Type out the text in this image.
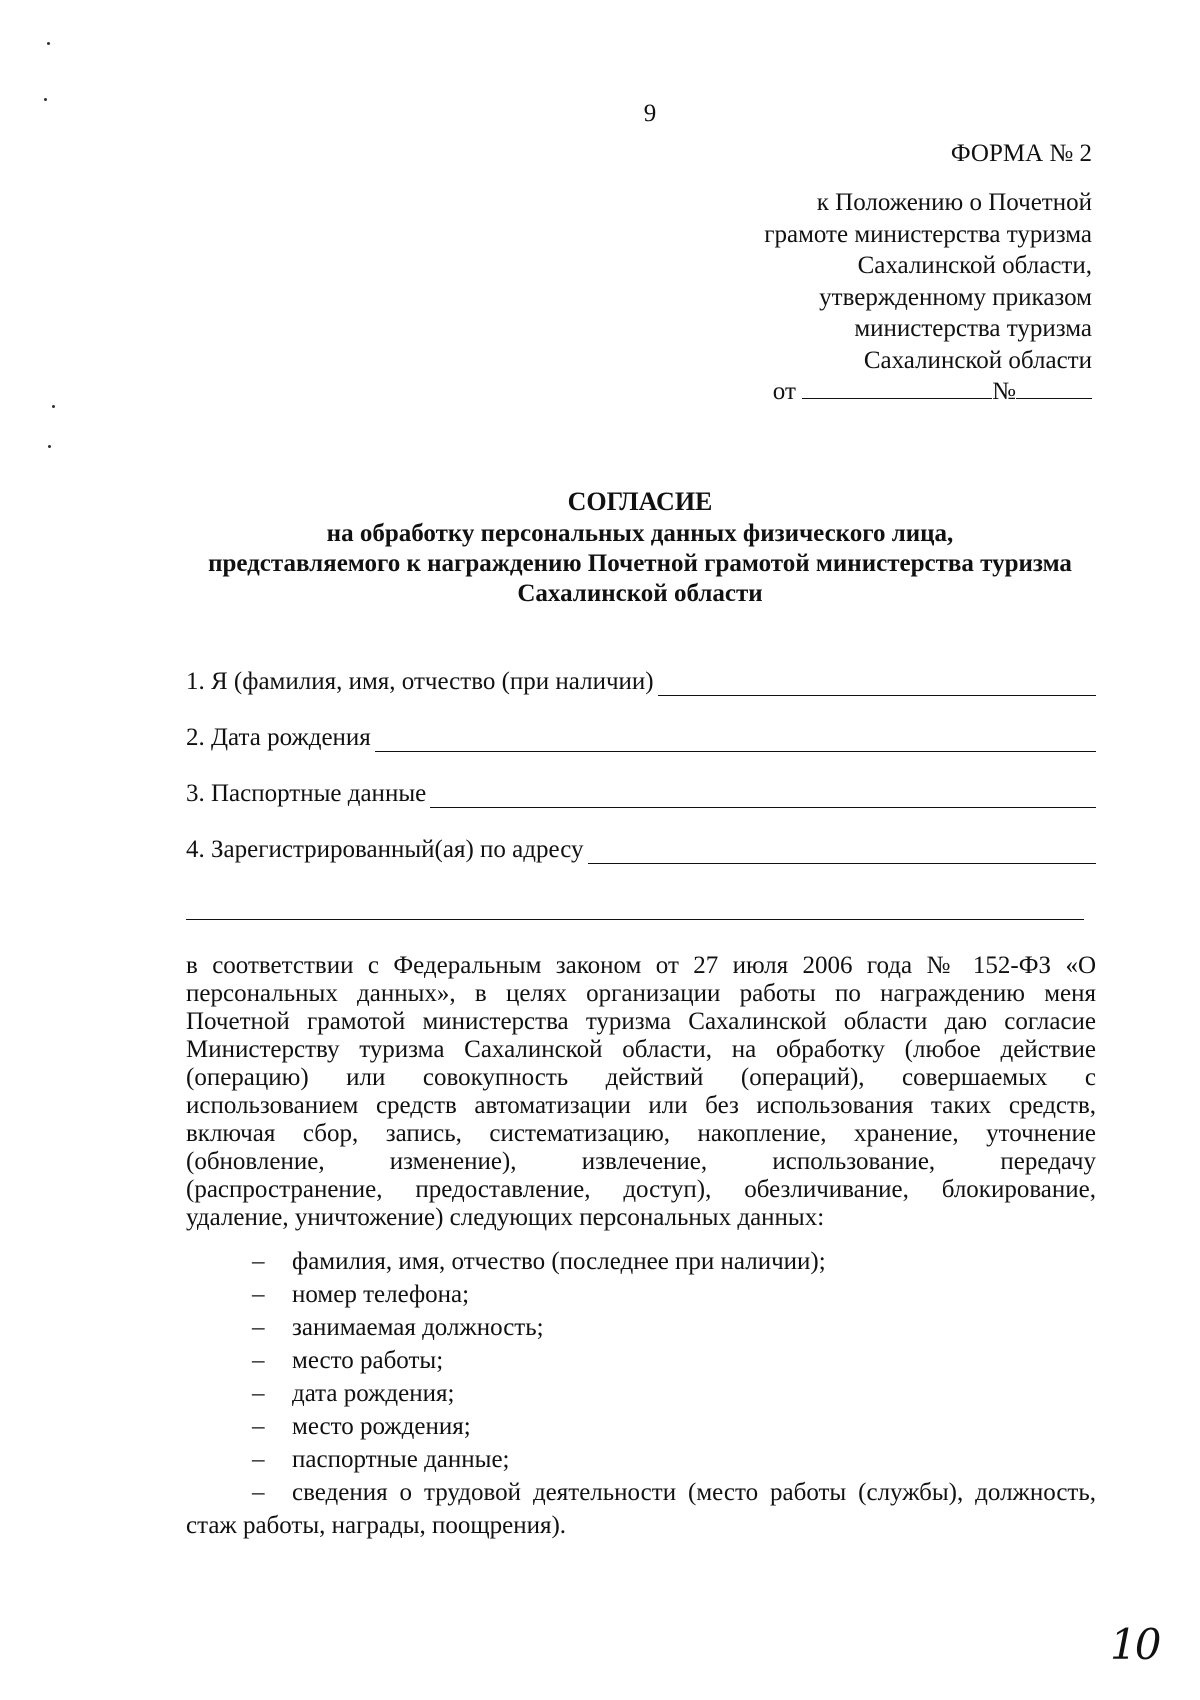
9
ФОРМА № 2
к Положению о Почетной
грамоте министерства туризма
Сахалинской области,
утвержденному приказом
министерства туризма
Сахалинской области
от	№
СОГЛАСИЕ
на обработку персональных данных физического лица,
представляемого к награждению Почетной грамотой министерства туризма
Сахалинской области
1. Я (фамилия, имя, отчество (при наличии)
2. Дата рождения
3. Паспортные данные
4. Зарегистрированный(ая) по адресу
в соответствии с Федеральным законом от 27 июля 2006 года № 152-ФЗ «О
персональных данных», в целях организации работы по награждению меня
Почетной грамотой министерства туризма Сахалинской области даю согласие
Министерству туризма Сахалинской области, на обработку (любое действие
(операцию) или совокупность действий (операций), совершаемых с
использованием средств автоматизации или без использования таких средств,
включая сбор, запись, систематизацию, накопление, хранение, уточнение
(обновление, изменение), извлечение, использование, передачу
(распространение, предоставление, доступ), обезличивание, блокирование,
удаление, уничтожение) следующих персональных данных:
–
фамилия, имя, отчество (последнее при наличии);
–
номер телефона;
–
занимаемая должность;
–
место работы;
–
дата рождения;
–
место рождения;
–
паспортные данные;
–
сведения о трудовой деятельности (место работы (службы), должность,
стаж работы, награды, поощрения).
10
